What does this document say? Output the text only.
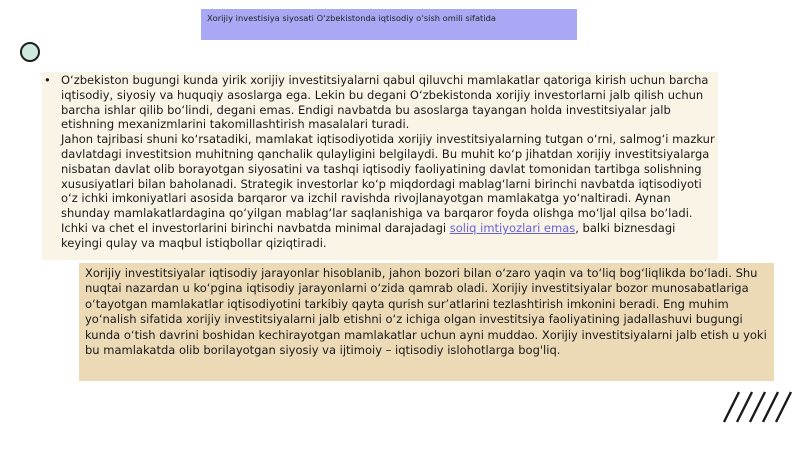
Xorijiy investisiya siyosati O‘zbekistonda iqtisodiy o‘sish omili sifatida
• O‘zbekiston bugungi kunda yirik xorijiy investitsiyalarni qabul qiluvchi mamlakatlar qatoriga kirish uchun barcha iqtisodiy, siyosiy va huquqiy asoslarga ega. Lekin bu degani O‘zbekistonda xorijiy investorlarni jalb qilish uchun barcha ishlar qilib bo‘lindi, degani emas. Endigi navbatda bu asoslarga tayangan holda investitsiyalar jalb etishning mexanizmlarini takomillashtirish masalalari turadi.

Jahon tajribasi shuni ko‘rsatadiki, mamlakat iqtisodiyotida xorijiy investitsiyalarning tutgan o‘rni, salmog‘i mazkur davlatdagi investitsion muhitning qanchalik qulayligini belgilaydi. Bu muhit ko‘p jihatdan xorijiy investitsiyalarga nisbatan davlat olib borayotgan siyosatini va tashqi iqtisodiy faoliyatining davlat tomonidan tartibga solishning xususiyatlari bilan baholanadi. Strategik investorlar ko‘p miqdordagi mablag‘larni birinchi navbatda iqtisodiyoti o‘z ichki imkoniyatlari asosida barqaror va izchil ravishda rivojlanayotgan mamlakatga yo‘naltiradi. Aynan shunday mamlakatlardagina qo‘yilgan mablag‘lar saqlanishiga va barqaror foyda olishga mo‘ljal qilsa bo‘ladi. Ichki va chet el investorlarini birinchi navbatda minimal darajadagi soliq imtiyozlari emas, balki biznesdagi keyingi qulay va maqbul istiqbollar qiziqtiradi.

Xorijiy investitsiyalar iqtisodiy jarayonlar hisoblanib, jahon bozori bilan o‘zaro yaqin va to‘liq bog‘liqlikda bo‘ladi. Shu nuqtai nazardan u ko‘pgina iqtisodiy jarayonlarni o‘zida qamrab oladi. Xorijiy investitsiyalar bozor munosabatlariga o‘tayotgan mamlakatlar iqtisodiyotini tarkibiy qayta qurish sur’atlarini tezlashtirish imkonini beradi. Eng muhim yo‘nalish sifatida xorijiy investitsiyalarni jalb etishni o‘z ichiga olgan investitsiya faoliyatining jadallashuvi bugungi kunda o‘tish davrini boshidan kechirayotgan mamlakatlar uchun ayni muddao. Xorijiy investitsiyalarni jalb etish u yoki bu mamlakatda olib borilayotgan siyosiy va ijtimoiy – iqtisodiy islohotlarga bog'liq.
